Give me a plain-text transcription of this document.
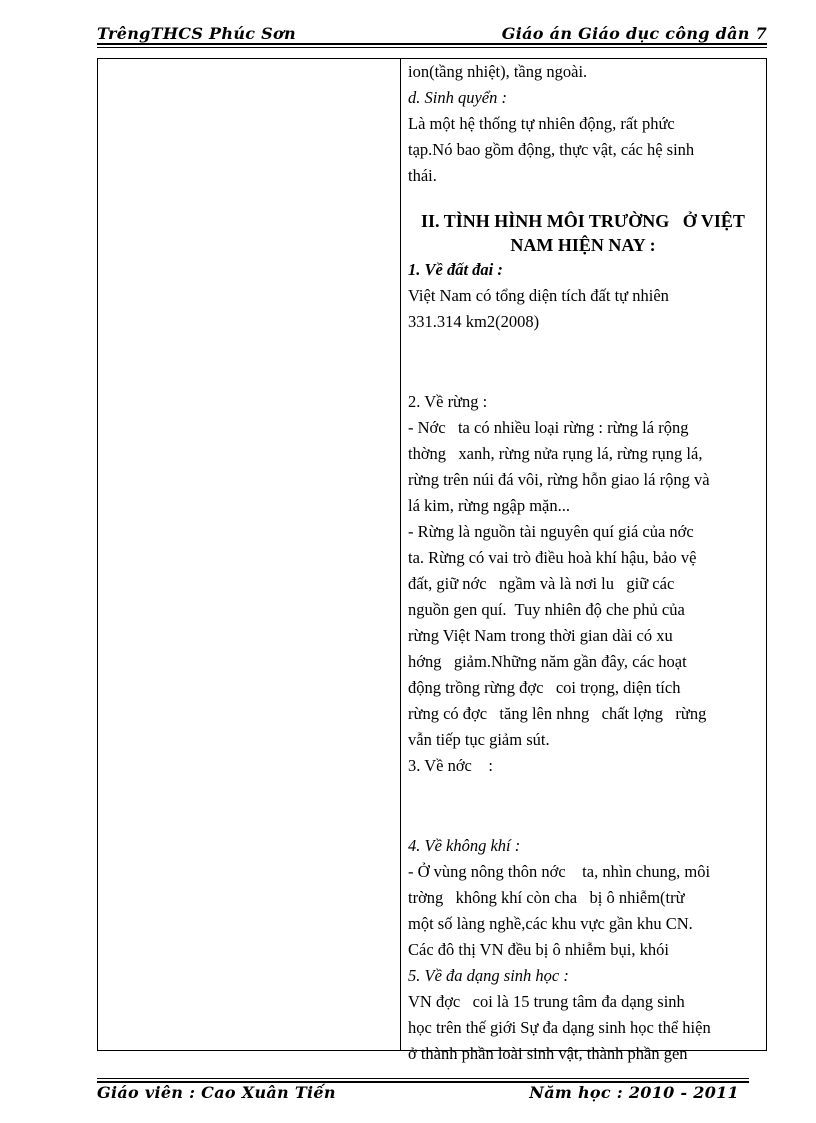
TrêngTHCS Phúc Sơn	Giáo án Giáo dục công dân 7

ion(tầng nhiệt), tầng ngoài.

d. Sinh quyển :

Là một hệ thống tự nhiên động, rất phức

tạp.Nó bao gồm động, thực vật, các hệ sinh

thái.

II. TÌNH HÌNH MÔI TRƯỜNG   Ở VIỆT

NAM HIỆN NAY :

1. Về đất đai :

Việt Nam có tổng diện tích đất tự nhiên

331.314 km2(2008)

2. Về rừng :

- Nớc   ta có nhiều loại rừng : rừng lá rộng

thờng   xanh, rừng nửa rụng lá, rừng rụng lá,

rừng trên núi đá vôi, rừng hỗn giao lá rộng và

lá kim, rừng ngập mặn...

- Rừng là nguồn tài nguyên quí giá của nớc

ta. Rừng có vai trò điều hoà khí hậu, bảo vệ

đất, giữ nớc   ngầm và là nơi lu   giữ các

nguồn gen quí.  Tuy nhiên độ che phủ của

rừng Việt Nam trong thời gian dài có xu

hớng   giảm.Những năm gần đây, các hoạt

động trồng rừng đợc   coi trọng, diện tích

rừng có đợc   tăng lên nhng   chất lợng   rừng

vẫn tiếp tục giảm sút.

3. Về nớc    :

4. Về không khí :

- Ở vùng nông thôn nớc    ta, nhìn chung, môi

trờng   không khí còn cha   bị ô nhiễm(trừ

một số làng nghề,các khu vực gần khu CN.

Các đô thị VN đều bị ô nhiễm bụi, khói

5. Về đa dạng sinh học :

VN đợc   coi là 15 trung tâm đa dạng sinh

học trên thế giới Sự đa dạng sinh học thể hiện

ở thành phần loài sinh vật, thành phần gen

Giáo viên : Cao Xuân Tiến	Năm học : 2010 - 2011
